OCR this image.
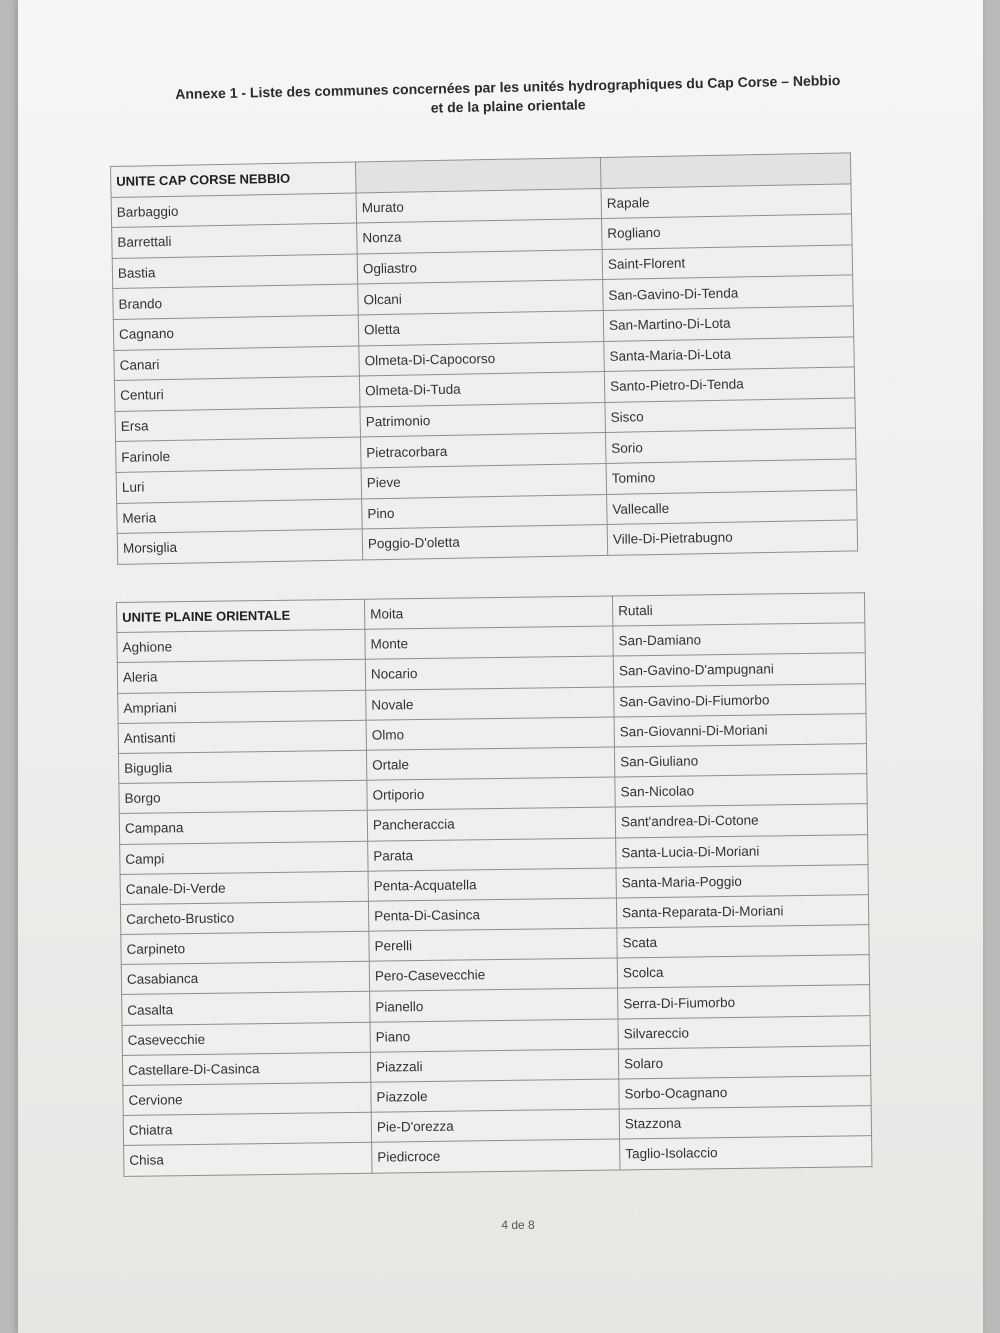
Annexe 1 - Liste des communes concernées par les unités hydrographiques du Cap Corse – Nebbio
et de la plaine orientale
UNITE CAP CORSE NEBBIO		
Barbaggio	Murato	Rapale
Barrettali	Nonza	Rogliano
Bastia	Ogliastro	Saint-Florent
Brando	Olcani	San-Gavino-Di-Tenda
Cagnano	Oletta	San-Martino-Di-Lota
Canari	Olmeta-Di-Capocorso	Santa-Maria-Di-Lota
Centuri	Olmeta-Di-Tuda	Santo-Pietro-Di-Tenda
Ersa	Patrimonio	Sisco
Farinole	Pietracorbara	Sorio
Luri	Pieve	Tomino
Meria	Pino	Vallecalle
Morsiglia	Poggio-D'oletta	Ville-Di-Pietrabugno
UNITE PLAINE ORIENTALE	Moita	Rutali
Aghione	Monte	San-Damiano
Aleria	Nocario	San-Gavino-D'ampugnani
Ampriani	Novale	San-Gavino-Di-Fiumorbo
Antisanti	Olmo	San-Giovanni-Di-Moriani
Biguglia	Ortale	San-Giuliano
Borgo	Ortiporio	San-Nicolao
Campana	Pancheraccia	Sant'andrea-Di-Cotone
Campi	Parata	Santa-Lucia-Di-Moriani
Canale-Di-Verde	Penta-Acquatella	Santa-Maria-Poggio
Carcheto-Brustico	Penta-Di-Casinca	Santa-Reparata-Di-Moriani
Carpineto	Perelli	Scata
Casabianca	Pero-Casevecchie	Scolca
Casalta	Pianello	Serra-Di-Fiumorbo
Casevecchie	Piano	Silvareccio
Castellare-Di-Casinca	Piazzali	Solaro
Cervione	Piazzole	Sorbo-Ocagnano
Chiatra	Pie-D'orezza	Stazzona
Chisa	Piedicroce	Taglio-Isolaccio
4 de 8
